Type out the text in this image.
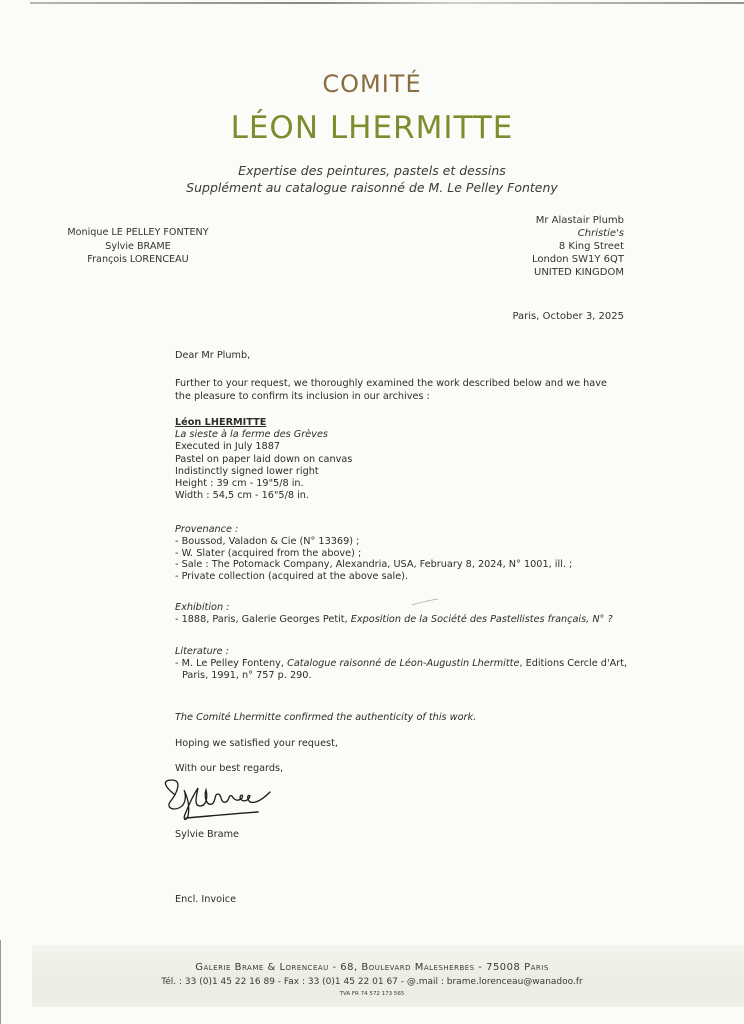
COMITÉ
LÉON LHERMITTE
Expertise des peintures, pastels et dessins
Supplément au catalogue raisonné de M. Le Pelley Fonteny
Monique LE PELLEY FONTENY
Sylvie BRAME
François LORENCEAU
Mr Alastair Plumb
Christie's
8 King Street
London SW1Y 6QT
UNITED KINGDOM
Paris, October 3, 2025
Dear Mr Plumb,
Further to your request, we thoroughly examined the work described below and we have the pleasure to confirm its inclusion in our archives :
Léon LHERMITTE
La sieste à la ferme des Grèves
Executed in July 1887
Pastel on paper laid down on canvas
Indistinctly signed lower right
Height : 39 cm - 19"5/8 in.
Width : 54,5 cm - 16"5/8 in.
Provenance :
- Boussod, Valadon & Cie (N° 13369) ;
- W. Slater (acquired from the above) ;
- Sale : The Potomack Company, Alexandria, USA, February 8, 2024, N° 1001, ill. ;
- Private collection (acquired at the above sale).
Exhibition :
- 1888, Paris, Galerie Georges Petit, Exposition de la Société des Pastellistes français, N° ?
Literature :
- M. Le Pelley Fonteny, Catalogue raisonné de Léon-Augustin Lhermitte, Editions Cercle d'Art,
Paris, 1991, n° 757 p. 290.
The Comité Lhermitte confirmed the authenticity of this work.
Hoping we satisfied your request,
With our best regards,
Sylvie Brame
Encl. Invoice
Galerie Brame & Lorenceau - 68, Boulevard Malesherbes - 75008 Paris
Tél. : 33 (0)1 45 22 16 89 - Fax : 33 (0)1 45 22 01 67 - @.mail : brame.lorenceau@wanadoo.fr
TVA FR 74 572 173 565
